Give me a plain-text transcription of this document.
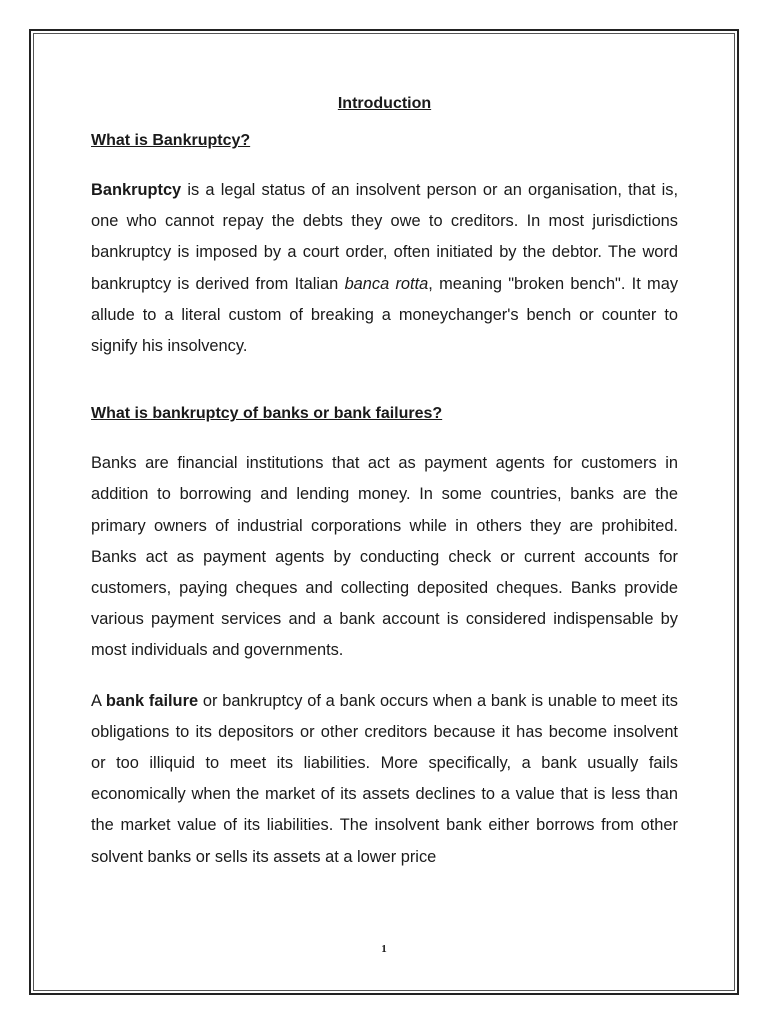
Introduction
What is Bankruptcy?

Bankruptcy is a legal status of an insolvent person or an organisation, that is, one who cannot repay the debts they owe to creditors. In most jurisdictions bankruptcy is imposed by a court order, often initiated by the debtor. The word bankruptcy is derived from Italian banca rotta, meaning "broken bench". It may allude to a literal custom of breaking a moneychanger's bench or counter to signify his insolvency.

What is bankruptcy of banks or bank failures?

Banks are financial institutions that act as payment agents for customers in addition to borrowing and lending money. In some countries, banks are the primary owners of industrial corporations while in others they are prohibited. Banks act as payment agents by conducting check or current accounts for customers, paying cheques and collecting deposited cheques. Banks provide various payment services and a bank account is considered indispensable by most individuals and governments.

A bank failure or bankruptcy of a bank occurs when a bank is unable to meet its obligations to its depositors or other creditors because it has become insolvent or too illiquid to meet its liabilities. More specifically, a bank usually fails economically when the market of its assets declines to a value that is less than the market value of its liabilities. The insolvent bank either borrows from other solvent banks or sells its assets at a lower price

1
